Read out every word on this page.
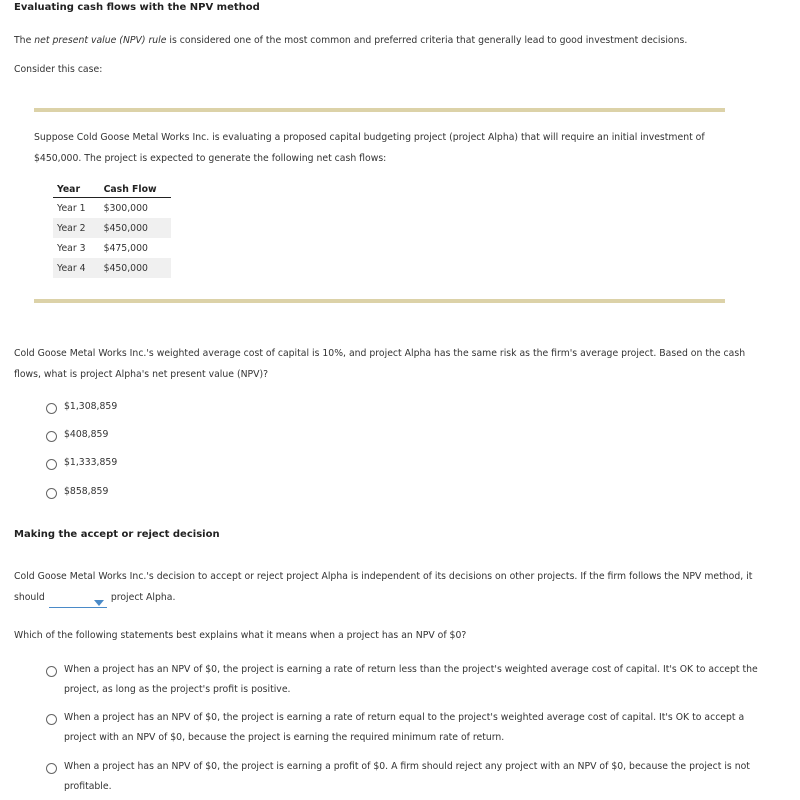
Evaluating cash flows with the NPV method

The net present value (NPV) rule is considered one of the most common and preferred criteria that generally lead to good investment decisions.

Consider this case:

Suppose Cold Goose Metal Works Inc. is evaluating a proposed capital budgeting project (project Alpha) that will require an initial investment of $450,000. The project is expected to generate the following net cash flows:

Year	Cash Flow
Year 1	$300,000
Year 2	$450,000
Year 3	$475,000
Year 4	$450,000

Cold Goose Metal Works Inc.'s weighted average cost of capital is 10%, and project Alpha has the same risk as the firm's average project. Based on the cash flows, what is project Alpha's net present value (NPV)?

$1,308,859
$408,859
$1,333,859
$858,859
Making the accept or reject decision

Cold Goose Metal Works Inc.'s decision to accept or reject project Alpha is independent of its decisions on other projects. If the firm follows the NPV method, it should	project Alpha.

Which of the following statements best explains what it means when a project has an NPV of $0?

When a project has an NPV of $0, the project is earning a rate of return less than the project's weighted average cost of capital. It's OK to accept the project, as long as the project's profit is positive.
When a project has an NPV of $0, the project is earning a rate of return equal to the project's weighted average cost of capital. It's OK to accept a project with an NPV of $0, because the project is earning the required minimum rate of return.
When a project has an NPV of $0, the project is earning a profit of $0. A firm should reject any project with an NPV of $0, because the project is not profitable.
